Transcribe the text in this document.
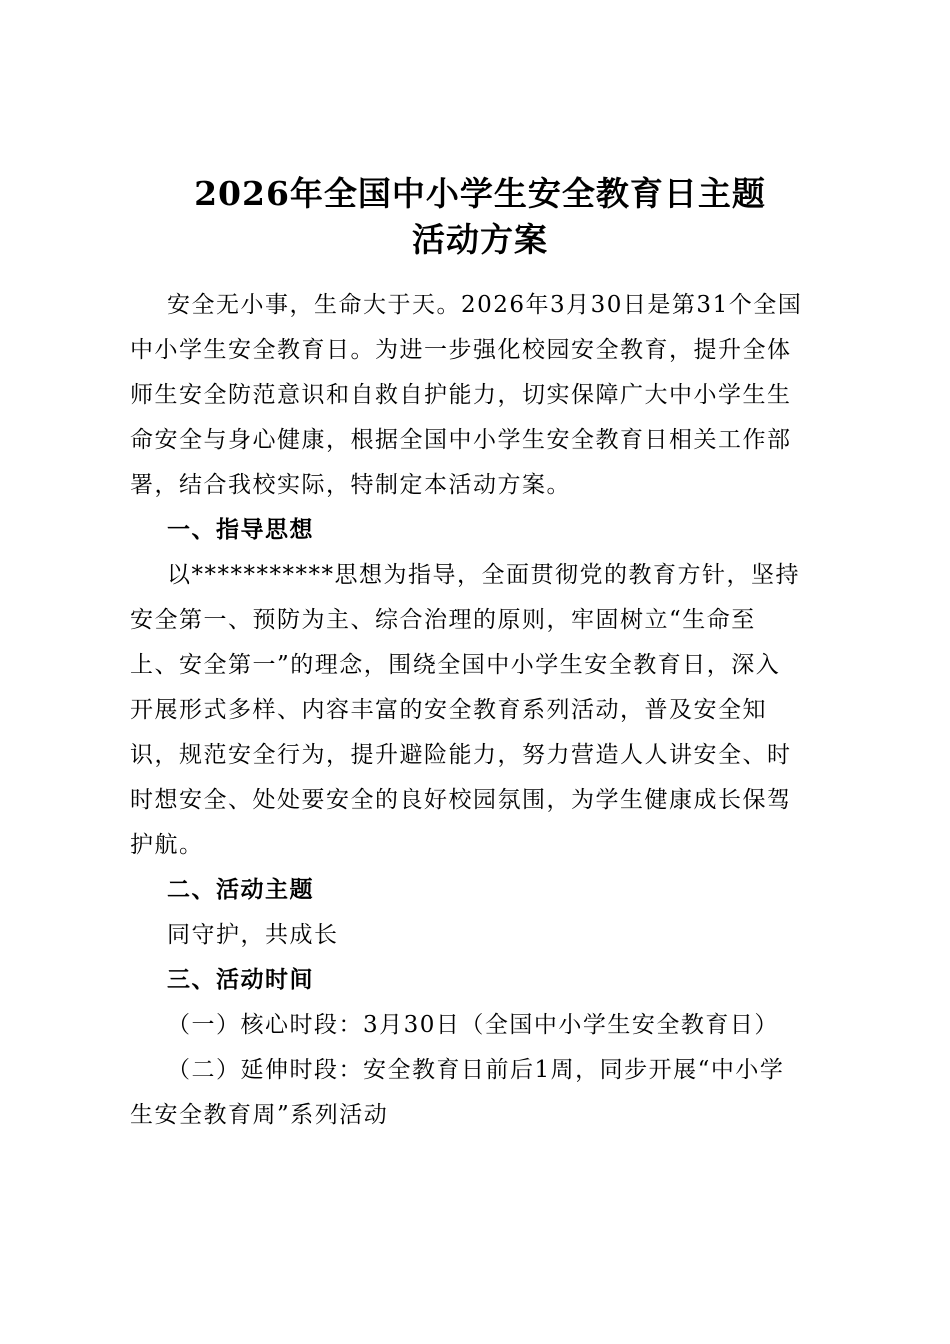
2026年全国中小学生安全教育日主题
活动方案
安全无小事，生命大于天。2026年3月30日是第31个全国
中小学生安全教育日。为进一步强化校园安全教育，提升全体
师生安全防范意识和自救自护能力，切实保障广大中小学生生
命安全与身心健康，根据全国中小学生安全教育日相关工作部
署，结合我校实际，特制定本活动方案。
一、指导思想
以***********思想为指导，全面贯彻党的教育方针，坚持
安全第一、预防为主、综合治理的原则，牢固树立“生命至
上、安全第一”的理念，围绕全国中小学生安全教育日，深入
开展形式多样、内容丰富的安全教育系列活动，普及安全知
识，规范安全行为，提升避险能力，努力营造人人讲安全、时
时想安全、处处要安全的良好校园氛围，为学生健康成长保驾
护航。
二、活动主题
同守护，共成长
三、活动时间
（一）核心时段：3月30日（全国中小学生安全教育日）
（二）延伸时段：安全教育日前后1周，同步开展“中小学
生安全教育周”系列活动
